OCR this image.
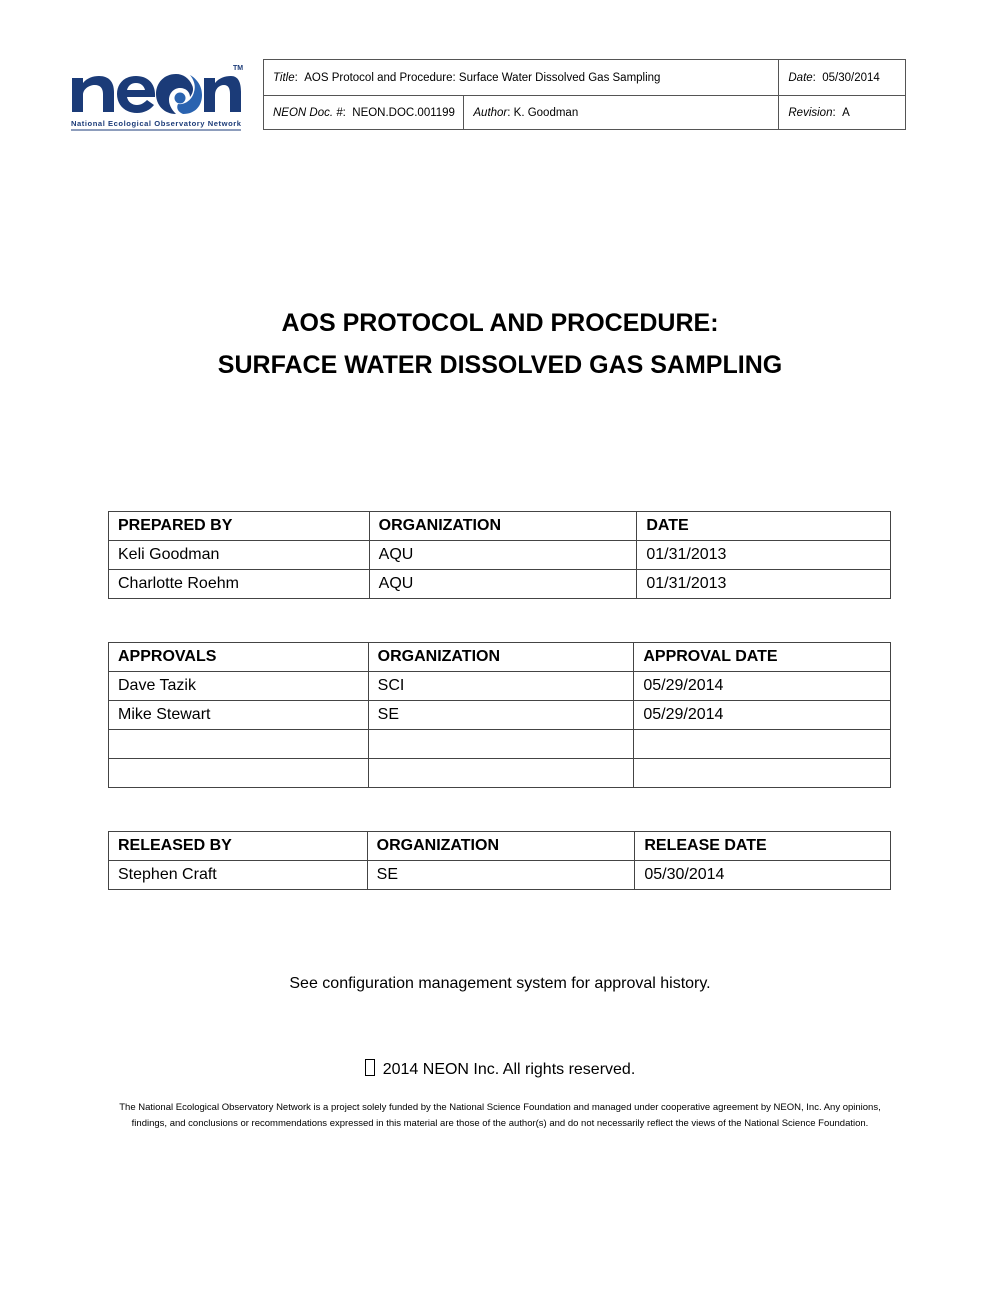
TM
National Ecological Observatory Network
Title : AOS Protocol and Procedure: Surface Water Dissolved Gas Sampling	Date : 05/30/2014
NEON Doc. # : NEON.DOC.001199 Author : K. Goodman	Revision : A
AOS PROTOCOL AND PROCEDURE:
SURFACE WATER DISSOLVED GAS SAMPLING
PREPARED BY	ORGANIZATION	DATE
Keli Goodman	AQU	01/31/2013
Charlotte Roehm	AQU	01/31/2013
APPROVALS	ORGANIZATION	APPROVAL DATE
Dave Tazik	SCI	05/29/2014
Mike Stewart	SE	05/29/2014

RELEASED BY	ORGANIZATION	RELEASE DATE
Stephen Craft	SE	05/30/2014
See configuration management system for approval history.
2014 NEON Inc. All rights reserved.
The National Ecological Observatory Network is a project solely funded by the National Science Foundation and managed under cooperative agreement by NEON, Inc. Any opinions, findings, and conclusions or recommendations expressed in this material are those of the author(s) and do not necessarily reflect the views of the National Science Foundation.
